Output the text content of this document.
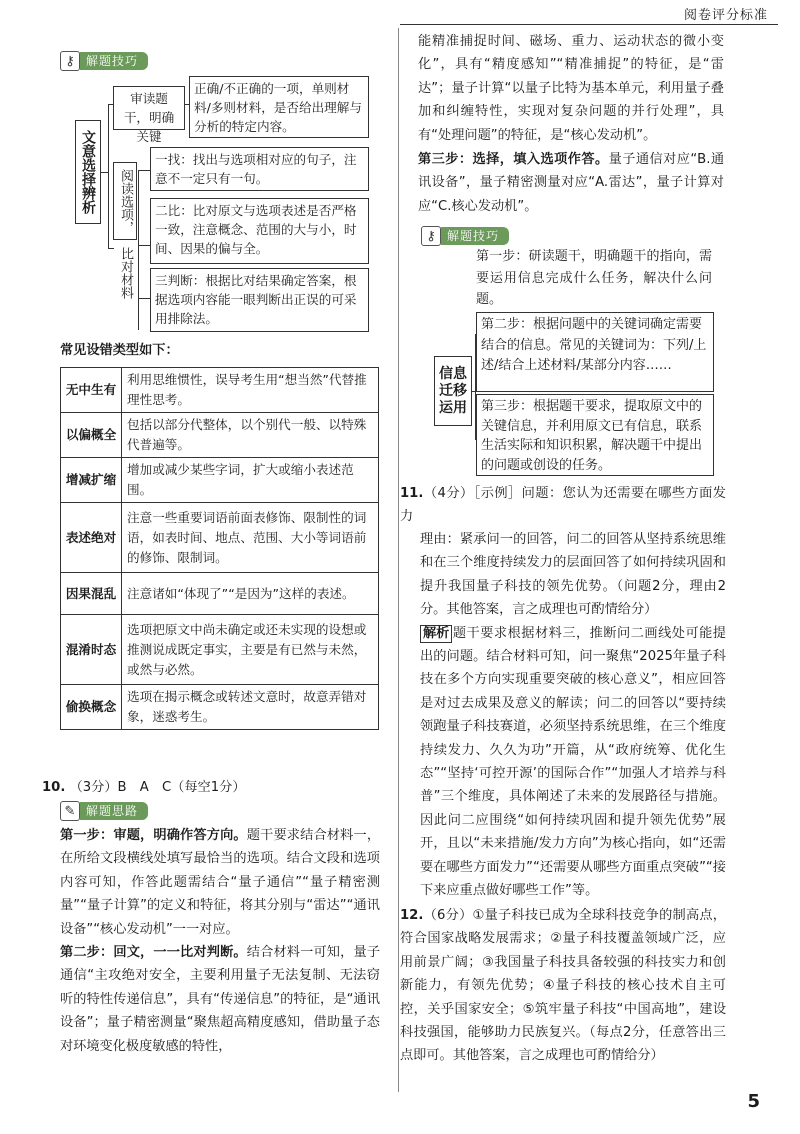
阅卷评分标准
⚷ 解题技巧
文意选择辨析
审读题干，明确关键
正确/不正确的一项，单则材料/多则材料，是否给出理解与分析的特定内容。
阅读选项，
比对材料
一找：找出与选项相对应的句子，注意不一定只有一句。
二比：比对原文与选项表述是否严格一致，注意概念、范围的大与小，时间、因果的偏与全。
三判断：根据比对结果确定答案，根据选项内容能一眼判断出正误的可采用排除法。
常见设错类型如下：
无中生有	利用思维惯性，误导考生用“想当然”代替推理性思考。
以偏概全	包括以部分代整体，以个别代一般、以特殊代普遍等。
增减扩缩	增加或减少某些字词，扩大或缩小表述范围。
表述绝对	注意一些重要词语前面表修饰、限制性的词语，如表时间、地点、范围、大小等词语前的修饰、限制词。
因果混乱	注意诸如“体现了”“是因为”这样的表述。
混淆时态	选项把原文中尚未确定或还未实现的设想或推测说成既定事实，主要是有已然与未然，或然与必然。
偷换概念	选项在揭示概念或转述文意时，故意弄错对象，迷惑考生。
10. （3分）B　A　C（每空1分）
✎ 解题思路

第一步：审题，明确作答方向。题干要求结合材料一，在所给文段横线处填写最恰当的选项。结合文段和选项内容可知，作答此题需结合“量子通信”“量子精密测量”“量子计算”的定义和特征，将其分别与“雷达”“通讯设备”“核心发动机”一一对应。

第二步：回文，一一比对判断。结合材料一可知，量子通信“主攻绝对安全，主要利用量子无法复制、无法窃听的特性传递信息”，具有“传递信息”的特征，是“通讯设备”；量子精密测量“聚焦超高精度感知，借助量子态对环境变化极度敏感的特性，

第三步：选择，填入选项作答。量子通信对应“B.通讯设备”，量子精密测量对应“A.雷达”，量子计算对应“C.核心发动机”。

⚷ 解题技巧
第一步：研读题干，明确题干的指向，需要运用信息完成什么任务，解决什么问题。
信息迁移运用
第二步：根据问题中的关键词确定需要结合的信息。常见的关键词为：下列/上述/结合上述材料/某部分内容……
第三步：根据题干要求，提取原文中的关键信息，并利用原文已有信息，联系生活实际和知识积累，解决题干中提出的问题或创设的任务。

11.（4分）［示例］问题：您认为还需要在哪些方面发力

理由：紧承问一的回答，问二的回答从坚持系统思维和在三个维度持续发力的层面回答了如何持续巩固和提升我国量子科技的领先优势。（问题2分，理由2分。其他答案，言之成理也可酌情给分）

解析 题干要求根据材料三，推断问二画线处可能提出的问题。结合材料可知，问一聚焦“2025年量子科技在多个方向实现重要突破的核心意义”，相应回答是对过去成果及意义的解读；问二的回答以“要持续领跑量子科技赛道，必须坚持系统思维，在三个维度持续发力、久久为功”开篇，从“政府统筹、优化生态”“坚持‘可控开源’的国际合作”“加强人才培养与科普”三个维度，具体阐述了未来的发展路径与措施。因此问二应围绕“如何持续巩固和提升领先优势”展开，且以“未来措施/发力方向”为核心指向，如“还需要在哪些方面发力”“还需要从哪些方面重点突破”“接下来应重点做好哪些工作”等。

12.（6分）①量子科技已成为全球科技竞争的制高点，符合国家战略发展需求；②量子科技覆盖领域广泛，应用前景广阔；③我国量子科技具备较强的科技实力和创新能力，有领先优势；④量子科技的核心技术自主可控，关乎国家安全；⑤筑牢量子科技“中国高地”，建设科技强国，能够助力民族复兴。（每点2分，任意答出三点即可。其他答案，言之成理也可酌情给分）

5
能精准捕捉时间、磁场、重力、运动状态的微小变化”，具有“精度感知”“精准捕捉”的特征，是“雷达”；量子计算“以量子比特为基本单元，利用量子叠加和纠缠特性，实现对复杂问题的并行处理”，具有“处理问题”的特征，是“核心发动机”。
